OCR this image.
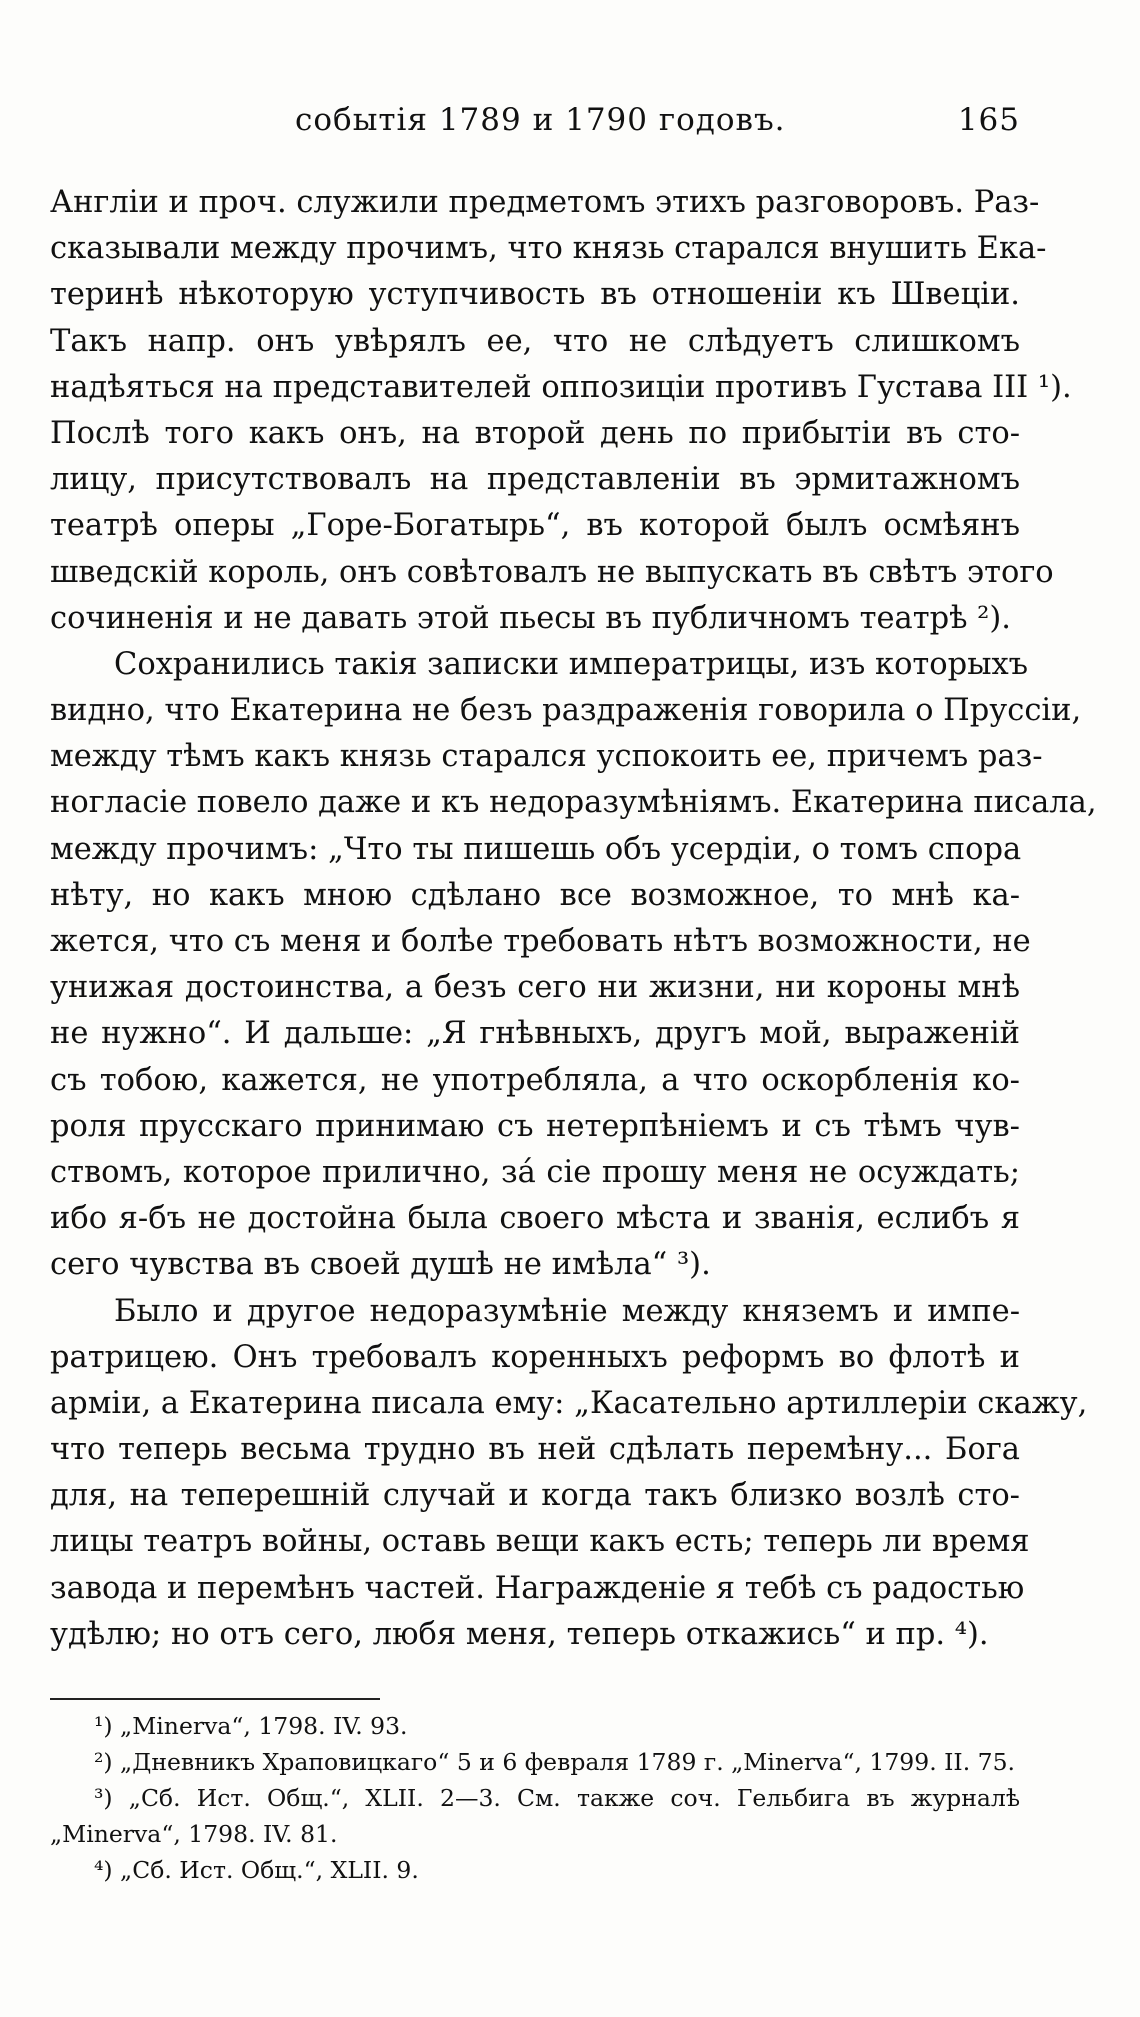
событія 1789 и 1790 годовъ.	165
Англіи и проч. служили предметомъ этихъ разговоровъ. Раз-
сказывали между прочимъ, что князь старался внушить Ека-
теринѣ нѣкоторую уступчивость въ отношеніи къ Швеціи.
Такъ напр. онъ увѣрялъ ее, что не слѣдуетъ слишкомъ
надѣяться на представителей оппозиціи противъ Густава III ¹).
Послѣ того какъ онъ, на второй день по прибытіи въ сто-
лицу, присутствовалъ на представленіи въ эрмитажномъ
театрѣ оперы „Горе-Богатырь“, въ которой былъ осмѣянъ
шведскій король, онъ совѣтовалъ не выпускать въ свѣтъ этого
сочиненія и не давать этой пьесы въ публичномъ театрѣ ²).
Сохранились такія записки императрицы, изъ которыхъ
видно, что Екатерина не безъ раздраженія говорила о Пруссіи,
между тѣмъ какъ князь старался успокоить ее, причемъ раз-
ногласіе повело даже и къ недоразумѣніямъ. Екатерина писала,
между прочимъ: „Что ты пишешь объ усердіи, о томъ спора
нѣту, но какъ мною сдѣлано все возможное, то мнѣ ка-
жется, что съ меня и болѣе требовать нѣтъ возможности, не
унижая достоинства, а безъ сего ни жизни, ни короны мнѣ
не нужно“. И дальше: „Я гнѣвныхъ, другъ мой, выраженій
съ тобою, кажется, не употребляла, а что оскорбленія ко-
роля прусскаго принимаю съ нетерпѣніемъ и съ тѣмъ чув-
ствомъ, которое прилично, за́ сіе прошу меня не осуждать;
ибо я-бъ не достойна была своего мѣста и званія, еслибъ я
сего чувства въ своей душѣ не имѣла“ ³).
Было и другое недоразумѣніе между княземъ и импе-
ратрицею. Онъ требовалъ коренныхъ реформъ во флотѣ и
арміи, а Екатерина писала ему: „Касательно артиллеріи скажу,
что теперь весьма трудно въ ней сдѣлать перемѣну... Бога
для, на теперешній случай и когда такъ близко возлѣ сто-
лицы театръ войны, оставь вещи какъ есть; теперь ли время
завода и перемѣнъ частей. Награжденіе я тебѣ съ радостью
удѣлю; но отъ сего, любя меня, теперь откажись“ и пр. ⁴).
¹) „Minerva“, 1798. IV. 93.
²) „Дневникъ Храповицкаго“ 5 и 6 февраля 1789 г. „Minerva“, 1799. II. 75.
³) „Сб. Ист. Общ.“, XLII. 2—3. См. также соч. Гельбига въ журналѣ
„Minerva“, 1798. IV. 81.
⁴) „Сб. Ист. Общ.“, XLII. 9.
